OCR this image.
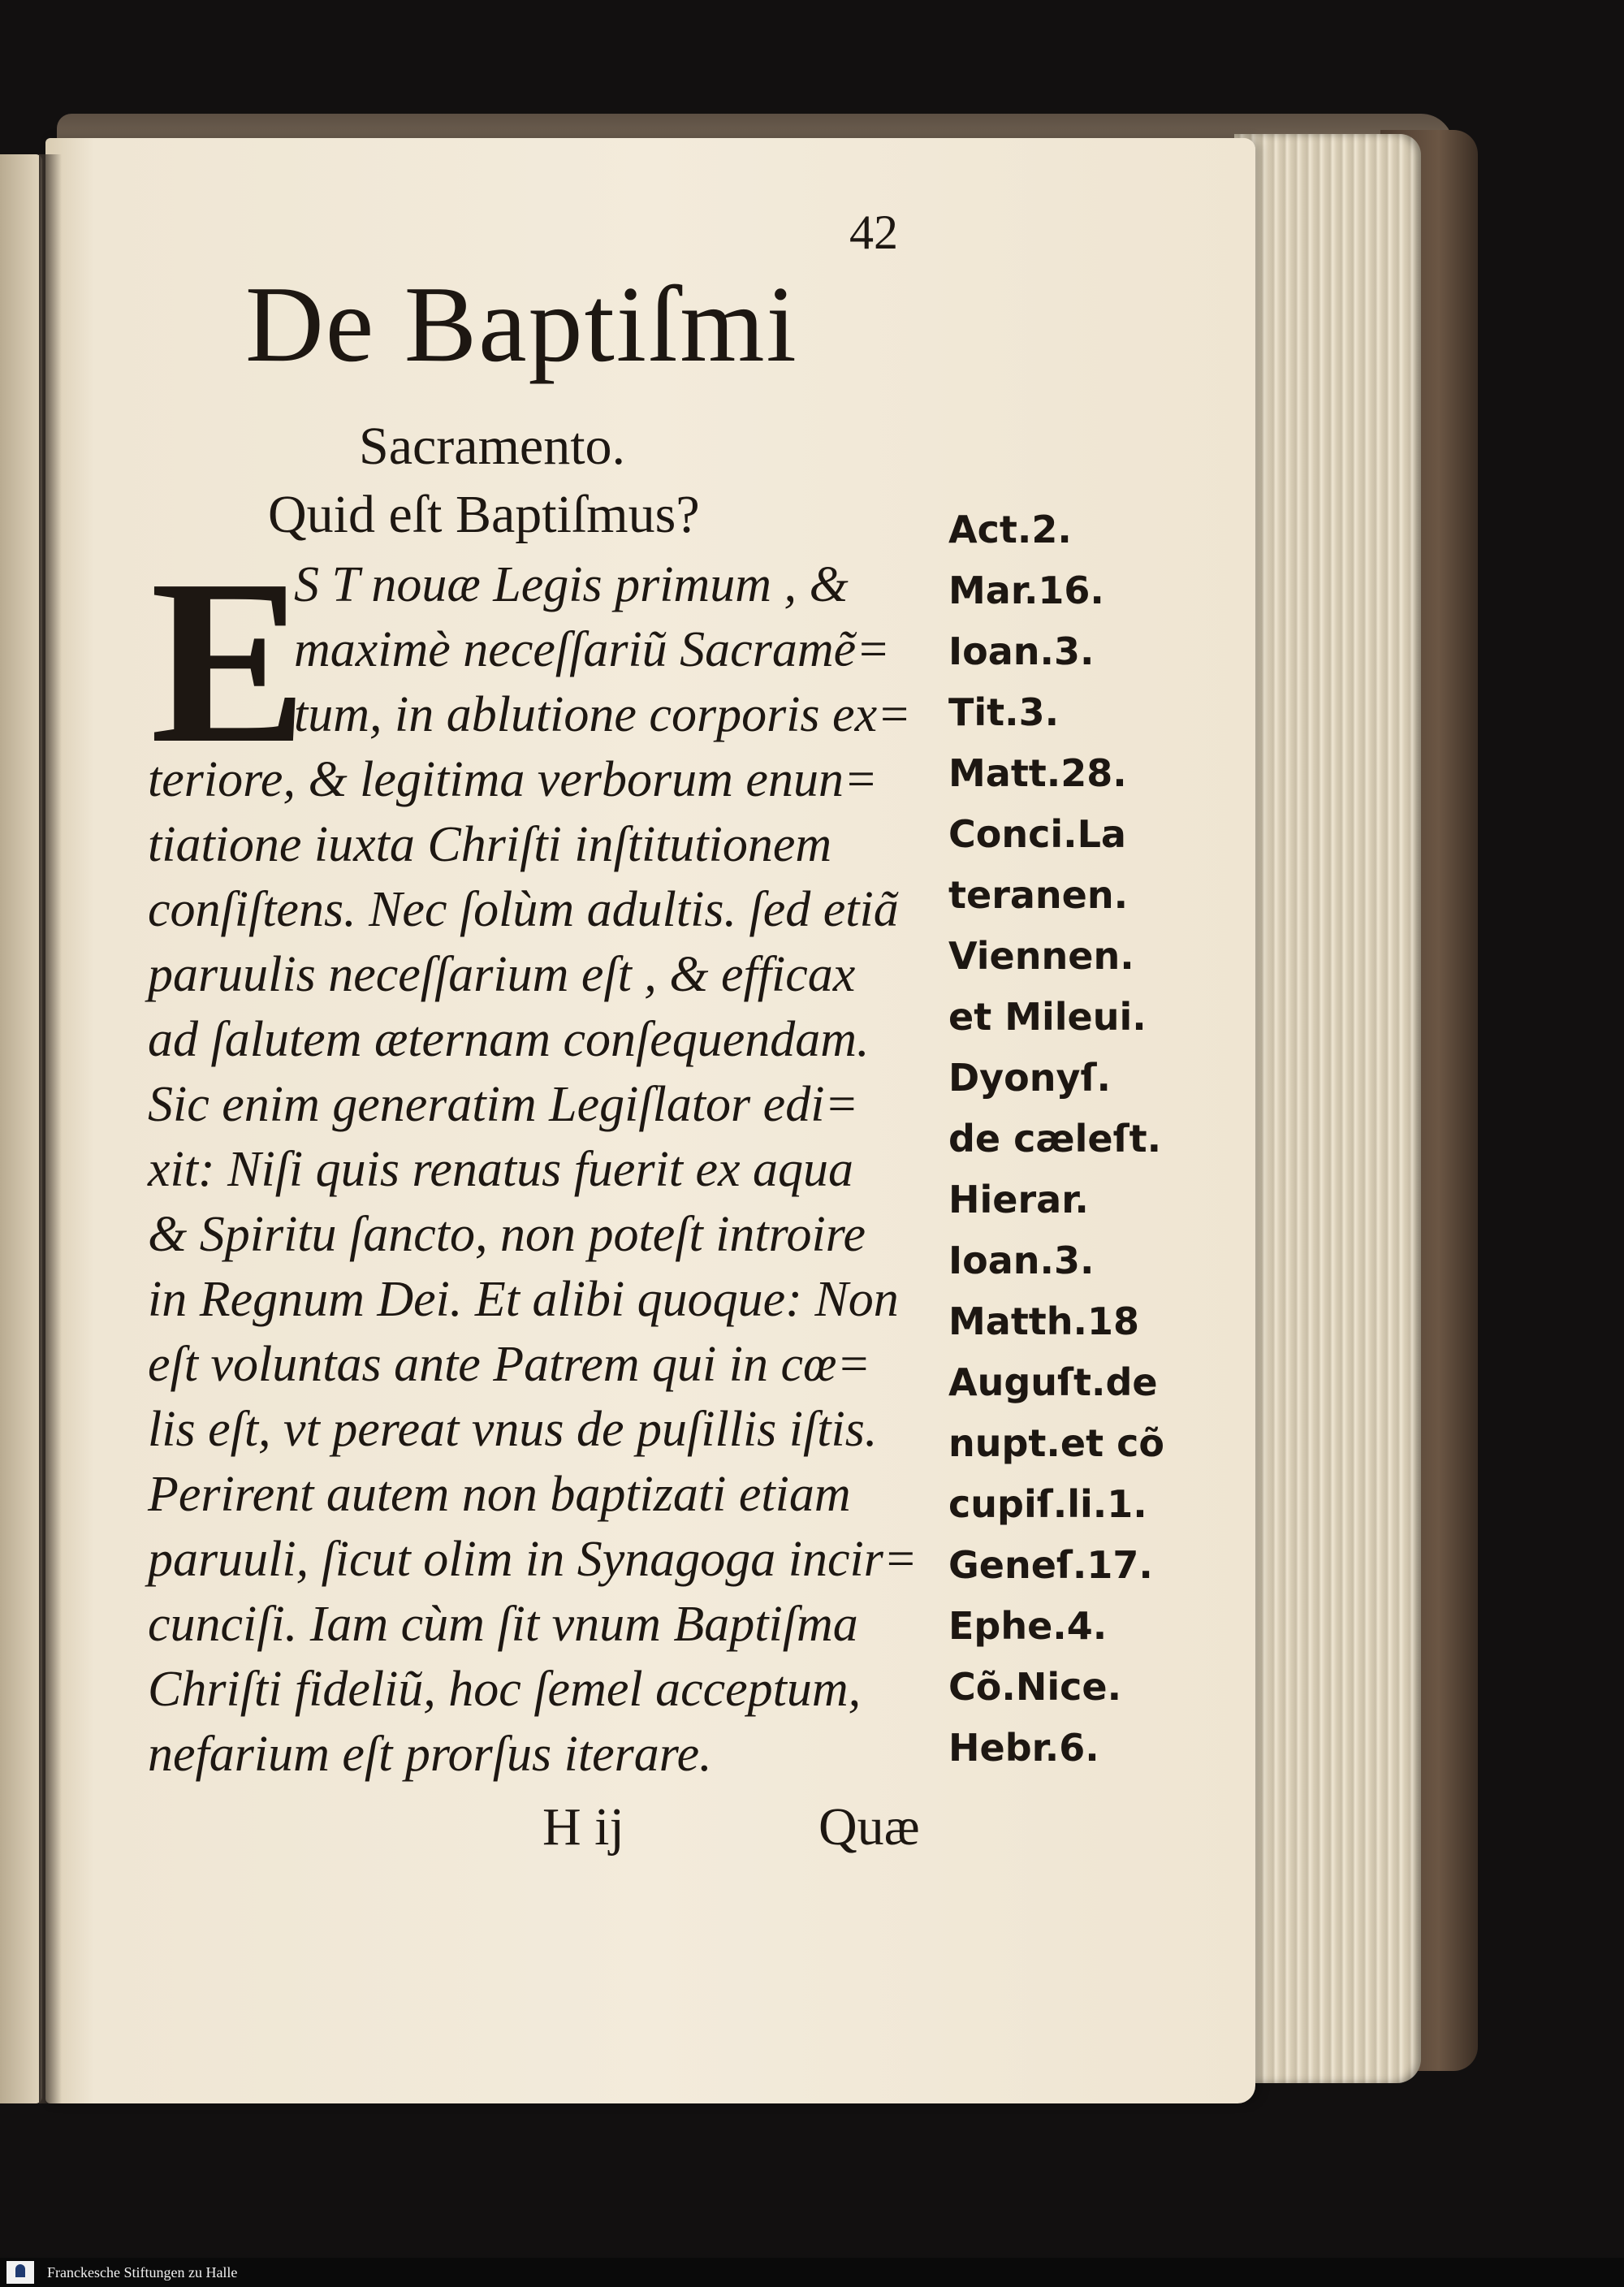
42
De Baptiſmi
Sacramento.
Quid eſt Baptiſmus?
E
S T nouæ Legis primum , &
maximè neceſſariũ Sacramẽ=
tum, in ablutione corporis ex=
teriore, & legitima verborum enun=
tiatione iuxta Chriſti inſtitutionem
conſiſtens. Nec ſolùm adultis. ſed etiã
paruulis neceſſarium eſt , & efficax
ad ſalutem æternam conſequendam.
Sic enim generatim Legiſlator edi=
xit: Niſi quis renatus fuerit ex aqua
& Spiritu ſancto, non poteſt introire
in Regnum Dei. Et alibi quoque: Non
eſt voluntas ante Patrem qui in cœ=
lis eſt, vt pereat vnus de puſillis iſtis.
Perirent autem non baptizati etiam
paruuli, ſicut olim in Synagoga incir=
cunciſi. Iam cùm ſit vnum Baptiſma
Chriſti fideliũ, hoc ſemel acceptum,
nefarium eſt prorſus iterare.
Act.2.
Mar.16.
Ioan.3.
Tit.3.
Matt.28.
Conci.La
teranen.
Viennen.
et Mileui.
Dyonyſ.
de cæleſt.
Hierar.
Ioan.3.
Matth.18
Auguſt.de
nupt.et cõ
cupiſ.li.1.
Geneſ.17.
Ephe.4.
Cõ.Nice.
Hebr.6.
H ij	Quæ
Franckesche Stiftungen zu Halle
